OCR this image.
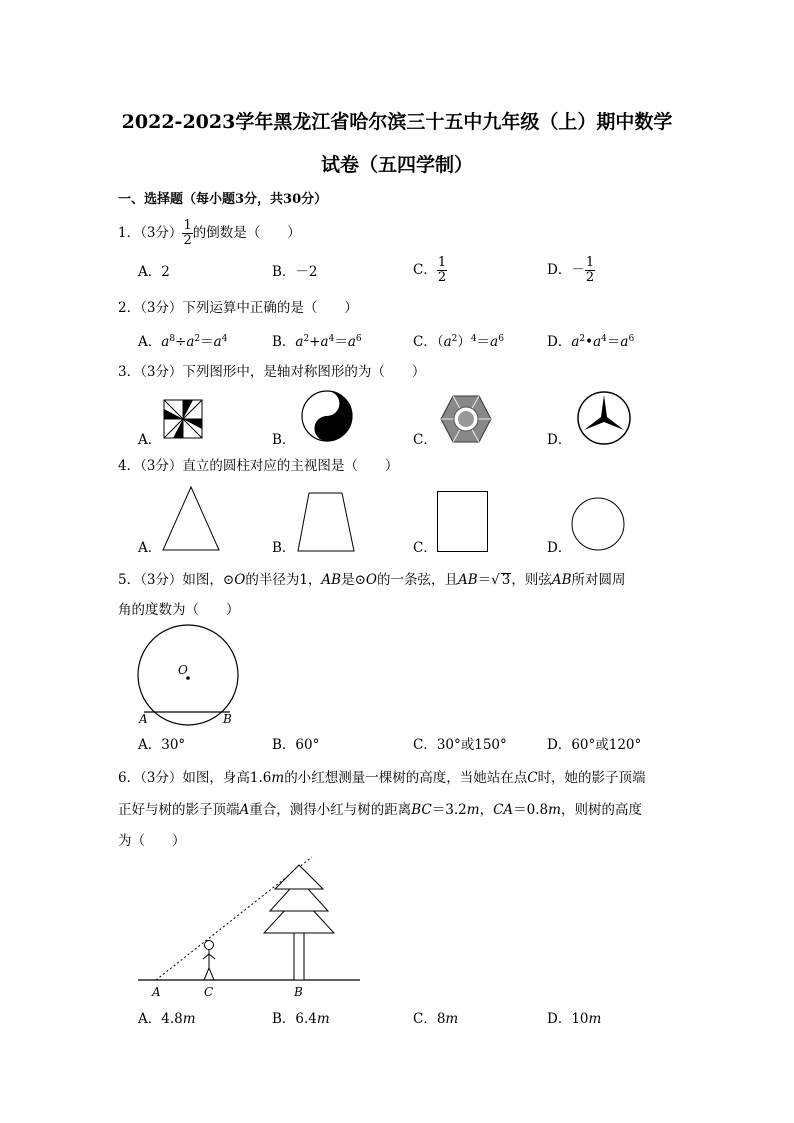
2022-2023学年黑龙江省哈尔滨三十五中九年级（上）期中数学
试卷（五四学制）
一、选择题（每小题3分，共30分）
1．（3分） $\frac{1}{2}$ 的倒数是（　　）
A．2	B．－2	C． $\frac{1}{2}$	D．－ $\frac{1}{2}$
2．（3分）下列运算中正确的是（　　）
A．$a^8\div a^2=a^4$	B．$a^2+a^4=a^6$	C．$(a^2)^4=a^6$	D．$a^2•a^4=a^6$
3．（3分）下列图形中，是轴对称图形的为（　　）
A．	B．	C．	D．
4．（3分）直立的圆柱对应的主视图是（　　）
A．	B．	C．	D．
5．（3分）如图，⊙O的半径为1，AB是⊙O的一条弦，且AB＝√ 3，则弦AB所对圆周
角的度数为（　　）
O
A	B
A．30°	B．60°	C．30°或150°	D．60°或120°
6．（3分）如图，身高1.6m的小红想测量一棵树的高度，当她站在点C时，她的影子顶端
正好与树的影子顶端A重合，测得小红与树的距离BC＝3.2m，CA＝0.8m，则树的高度
为（　　）
A	C	B
A．4.8m	B．6.4m	C．8m	D．10m
